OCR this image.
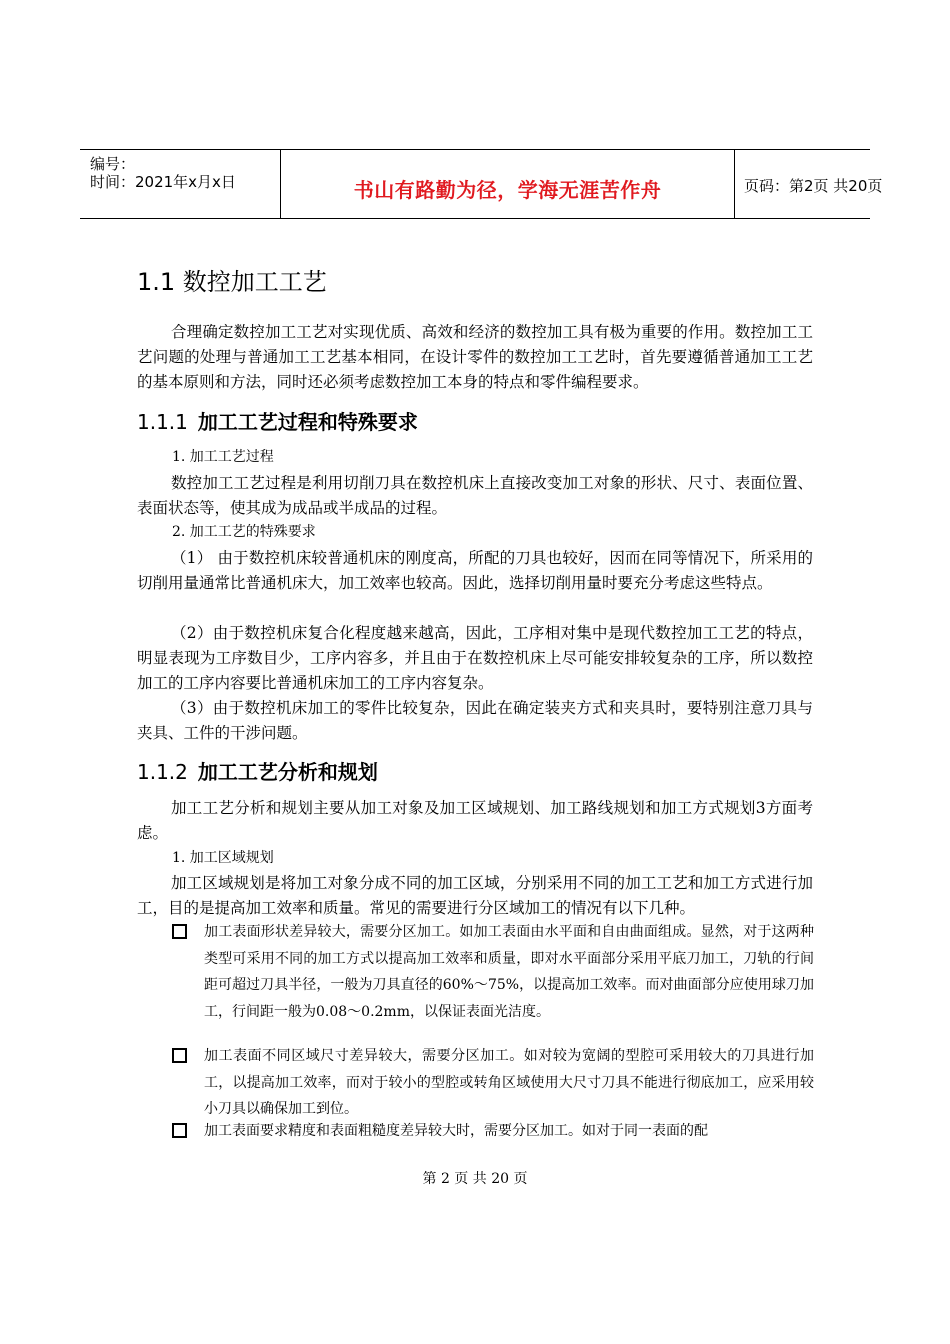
编号：
时间：2021年x月x日	书山有路勤为径，学海无涯苦作舟	页码：第2页 共20页
1.1 数控加工工艺
合理确定数控加工工艺对实现优质、高效和经济的数控加工具有极为重要的作用。数控加工工艺问题的处理与普通加工工艺基本相同，在设计零件的数控加工工艺时，首先要遵循普通加工工艺的基本原则和方法，同时还必须考虑数控加工本身的特点和零件编程要求。
1.1.1 加工工艺过程和特殊要求
1. 加工工艺过程
数控加工工艺过程是利用切削刀具在数控机床上直接改变加工对象的形状、尺寸、表面位置、表面状态等，使其成为成品或半成品的过程。
2. 加工工艺的特殊要求
（1） 由于数控机床较普通机床的刚度高，所配的刀具也较好，因而在同等情况下，所采用的切削用量通常比普通机床大，加工效率也较高。因此，选择切削用量时要充分考虑这些特点。
（2）由于数控机床复合化程度越来越高，因此，工序相对集中是现代数控加工工艺的特点，明显表现为工序数目少，工序内容多，并且由于在数控机床上尽可能安排较复杂的工序，所以数控加工的工序内容要比普通机床加工的工序内容复杂。
（3）由于数控机床加工的零件比较复杂，因此在确定装夹方式和夹具时，要特别注意刀具与夹具、工件的干涉问题。
1.1.2 加工工艺分析和规划
加工工艺分析和规划主要从加工对象及加工区域规划、加工路线规划和加工方式规划3方面考虑。
1. 加工区域规划
加工区域规划是将加工对象分成不同的加工区域，分别采用不同的加工工艺和加工方式进行加工，目的是提高加工效率和质量。常见的需要进行分区域加工的情况有以下几种。
加工表面形状差异较大，需要分区加工。如加工表面由水平面和自由曲面组成。显然，对于这两种类型可采用不同的加工方式以提高加工效率和质量，即对水平面部分采用平底刀加工，刀轨的行间距可超过刀具半径，一般为刀具直径的60%～75%，以提高加工效率。而对曲面部分应使用球刀加工，行间距一般为0.08～0.2mm，以保证表面光洁度。
加工表面不同区域尺寸差异较大，需要分区加工。如对较为宽阔的型腔可采用较大的刀具进行加工，以提高加工效率，而对于较小的型腔或转角区域使用大尺寸刀具不能进行彻底加工，应采用较小刀具以确保加工到位。
加工表面要求精度和表面粗糙度差异较大时，需要分区加工。如对于同一表面的配
第 2 页 共 20 页
